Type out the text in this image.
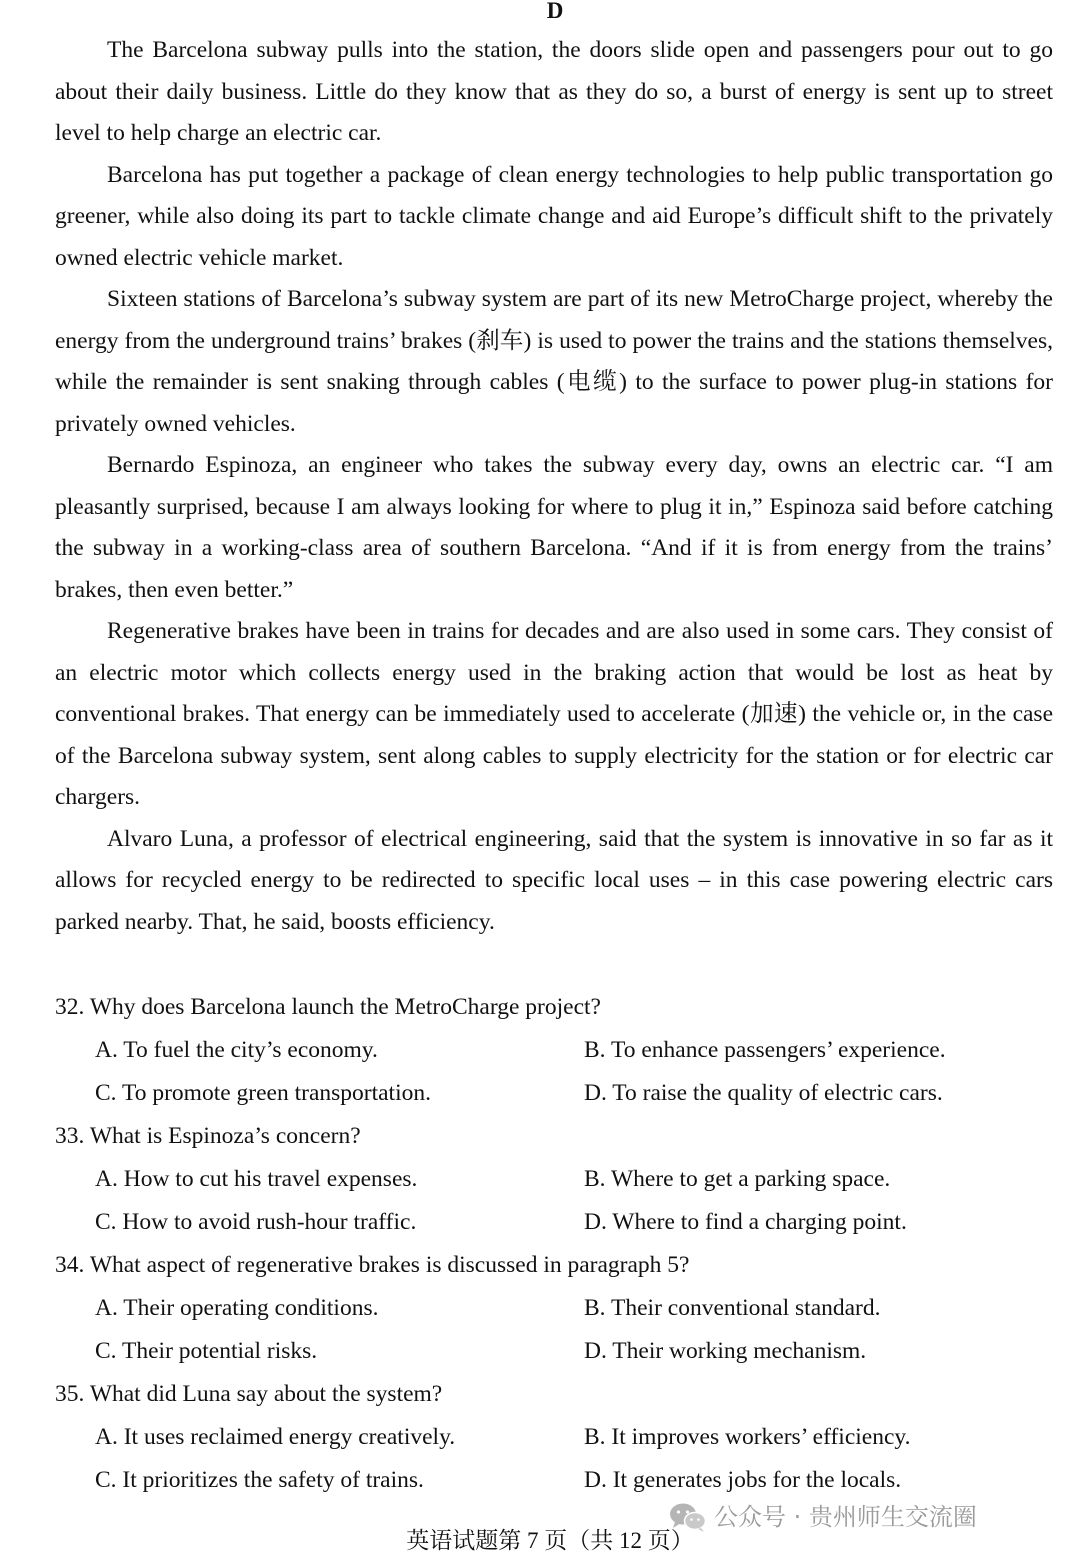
D

The Barcelona subway pulls into the station, the doors slide open and passengers pour out to go about their daily business. Little do they know that as they do so, a burst of energy is sent up to street level to help charge an electric car.

Barcelona has put together a package of clean energy technologies to help public transportation go greener, while also doing its part to tackle climate change and aid Europe’s difficult shift to the privately owned electric vehicle market.

Sixteen stations of Barcelona’s subway system are part of its new MetroCharge project, whereby the energy from the underground trains’ brakes (刹车) is used to power the trains and the stations themselves, while the remainder is sent snaking through cables (电缆) to the surface to power plug-in stations for privately owned vehicles.

Bernardo Espinoza, an engineer who takes the subway every day, owns an electric car. “I am pleasantly surprised, because I am always looking for where to plug it in,” Espinoza said before catching the subway in a working-class area of southern Barcelona. “And if it is from energy from the trains’ brakes, then even better.”

Regenerative brakes have been in trains for decades and are also used in some cars. They consist of an electric motor which collects energy used in the braking action that would be lost as heat by conventional brakes. That energy can be immediately used to accelerate (加速) the vehicle or, in the case of the Barcelona subway system, sent along cables to supply electricity for the station or for electric car chargers.

Alvaro Luna, a professor of electrical engineering, said that the system is innovative in so far as it allows for recycled energy to be redirected to specific local uses – in this case powering electric cars parked nearby. That, he said, boosts efficiency.

32. Why does Barcelona launch the MetroCharge project?
A. To fuel the city’s economy.	B. To enhance passengers’ experience.
C. To promote green transportation.	D. To raise the quality of electric cars.
33. What is Espinoza’s concern?
A. How to cut his travel expenses.	B. Where to get a parking space.
C. How to avoid rush-hour traffic.	D. Where to find a charging point.
34. What aspect of regenerative brakes is discussed in paragraph 5?
A. Their operating conditions.	B. Their conventional standard.
C. Their potential risks.	D. Their working mechanism.
35. What did Luna say about the system?
A. It uses reclaimed energy creatively.	B. It improves workers’ efficiency.
C. It prioritizes the safety of trains.	D. It generates jobs for the locals.
公众号 · 贵州师生交流圈
英语试题第 7 页（共 12 页）
